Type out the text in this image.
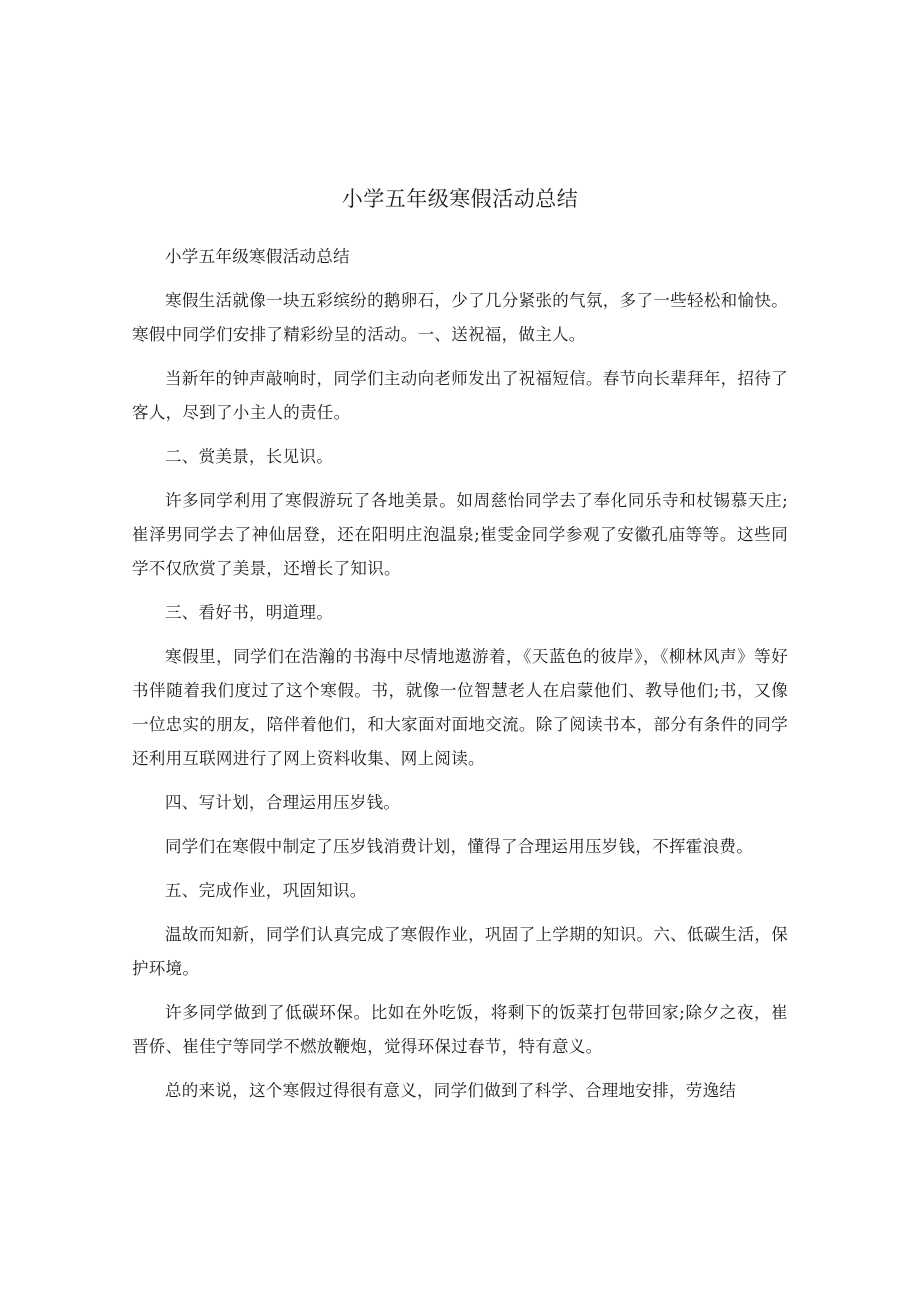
小学五年级寒假活动总结

小学五年级寒假活动总结

寒假生活就像一块五彩缤纷的鹅卵石，少了几分紧张的气氛，多了一些轻松和愉快。寒假中同学们安排了精彩纷呈的活动。一、送祝福，做主人。

当新年的钟声敲响时，同学们主动向老师发出了祝福短信。春节向长辈拜年，招待了客人，尽到了小主人的责任。

二、赏美景，长见识。

许多同学利用了寒假游玩了各地美景。如周慈怡同学去了奉化同乐寺和杖锡慕天庄;崔泽男同学去了神仙居登，还在阳明庄泡温泉;崔雯金同学参观了安徽孔庙等等。这些同学不仅欣赏了美景，还增长了知识。

三、看好书，明道理。

寒假里，同学们在浩瀚的书海中尽情地遨游着，《天蓝色的彼岸》，《柳林风声》等好书伴随着我们度过了这个寒假。书，就像一位智慧老人在启蒙他们、教导他们;书，又像一位忠实的朋友，陪伴着他们，和大家面对面地交流。除了阅读书本，部分有条件的同学还利用互联网进行了网上资料收集、网上阅读。

四、写计划，合理运用压岁钱。

同学们在寒假中制定了压岁钱消费计划，懂得了合理运用压岁钱，不挥霍浪费。

五、完成作业，巩固知识。

温故而知新，同学们认真完成了寒假作业，巩固了上学期的知识。六、低碳生活，保护环境。

许多同学做到了低碳环保。比如在外吃饭，将剩下的饭菜打包带回家;除夕之夜，崔晋侨、崔佳宁等同学不燃放鞭炮，觉得环保过春节，特有意义。

总的来说，这个寒假过得很有意义，同学们做到了科学、合理地安排，劳逸结
